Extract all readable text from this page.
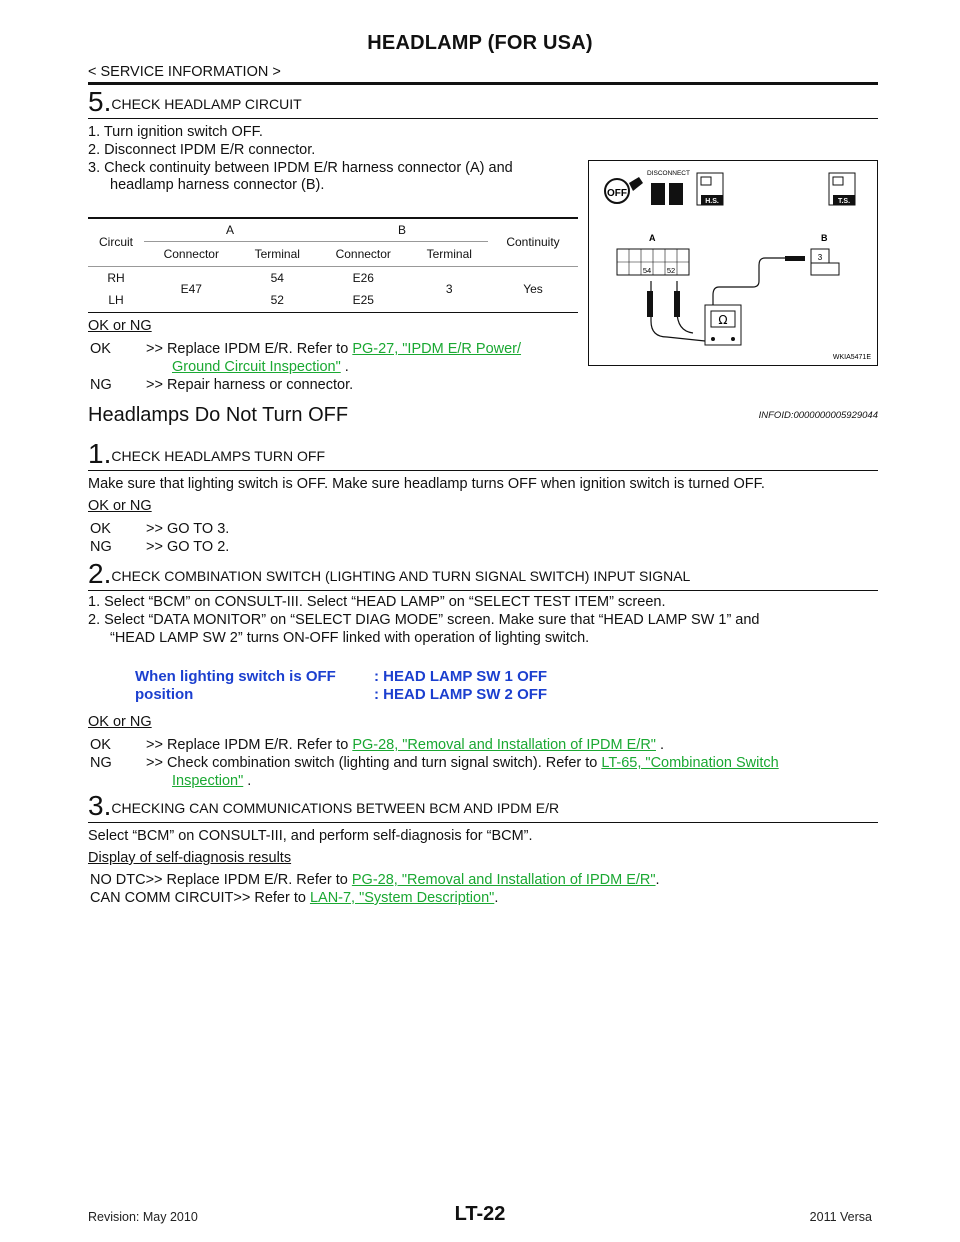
HEADLAMP (FOR USA)
< SERVICE INFORMATION >
5.CHECK HEADLAMP CIRCUIT
1. Turn ignition switch OFF.
2. Disconnect IPDM E/R connector.
3. Check continuity between IPDM E/R harness connector (A) and
headlamp harness connector (B).
Circuit	A		B		Continuity
	Connector	Terminal	Connector	Terminal	
RH	E47	54	E26	3	Yes
LH		52	E25		
OK or NG
OK >> Replace IPDM E/R. Refer to PG-27, "IPDM E/R Power/
Ground Circuit Inspection" .
NG >> Repair harness or connector.
OFF
DISCONNECT
H.S.	T.S.
A
54 52
B
3
Ω
WKIA5471E
Headlamps Do Not Turn OFF	INFOID:0000000005929044
1.CHECK HEADLAMPS TURN OFF
Make sure that lighting switch is OFF. Make sure headlamp turns OFF when ignition switch is turned OFF.
OK or NG
OK >> GO TO 3.
NG >> GO TO 2.
2.CHECK COMBINATION SWITCH (LIGHTING AND TURN SIGNAL SWITCH) INPUT SIGNAL
1. Select “BCM” on CONSULT-III. Select “HEAD LAMP” on “SELECT TEST ITEM” screen.
2. Select “DATA MONITOR” on “SELECT DIAG MODE” screen. Make sure that “HEAD LAMP SW 1” and
“HEAD LAMP SW 2” turns ON-OFF linked with operation of lighting switch.
When lighting switch is OFF
position
: HEAD LAMP SW 1 OFF
: HEAD LAMP SW 2 OFF
OK or NG
OK >> Replace IPDM E/R. Refer to PG-28, "Removal and Installation of IPDM E/R" .
NG >> Check combination switch (lighting and turn signal switch). Refer to LT-65, "Combination Switch
Inspection" .
3.CHECKING CAN COMMUNICATIONS BETWEEN BCM AND IPDM E/R
Select “BCM” on CONSULT-III, and perform self-diagnosis for “BCM”.
Display of self-diagnosis results
NO DTC>> Replace IPDM E/R. Refer to PG-28, "Removal and Installation of IPDM E/R".
CAN COMM CIRCUIT>> Refer to LAN-7, "System Description".
Revision: May 2010	LT-22	2011 Versa
